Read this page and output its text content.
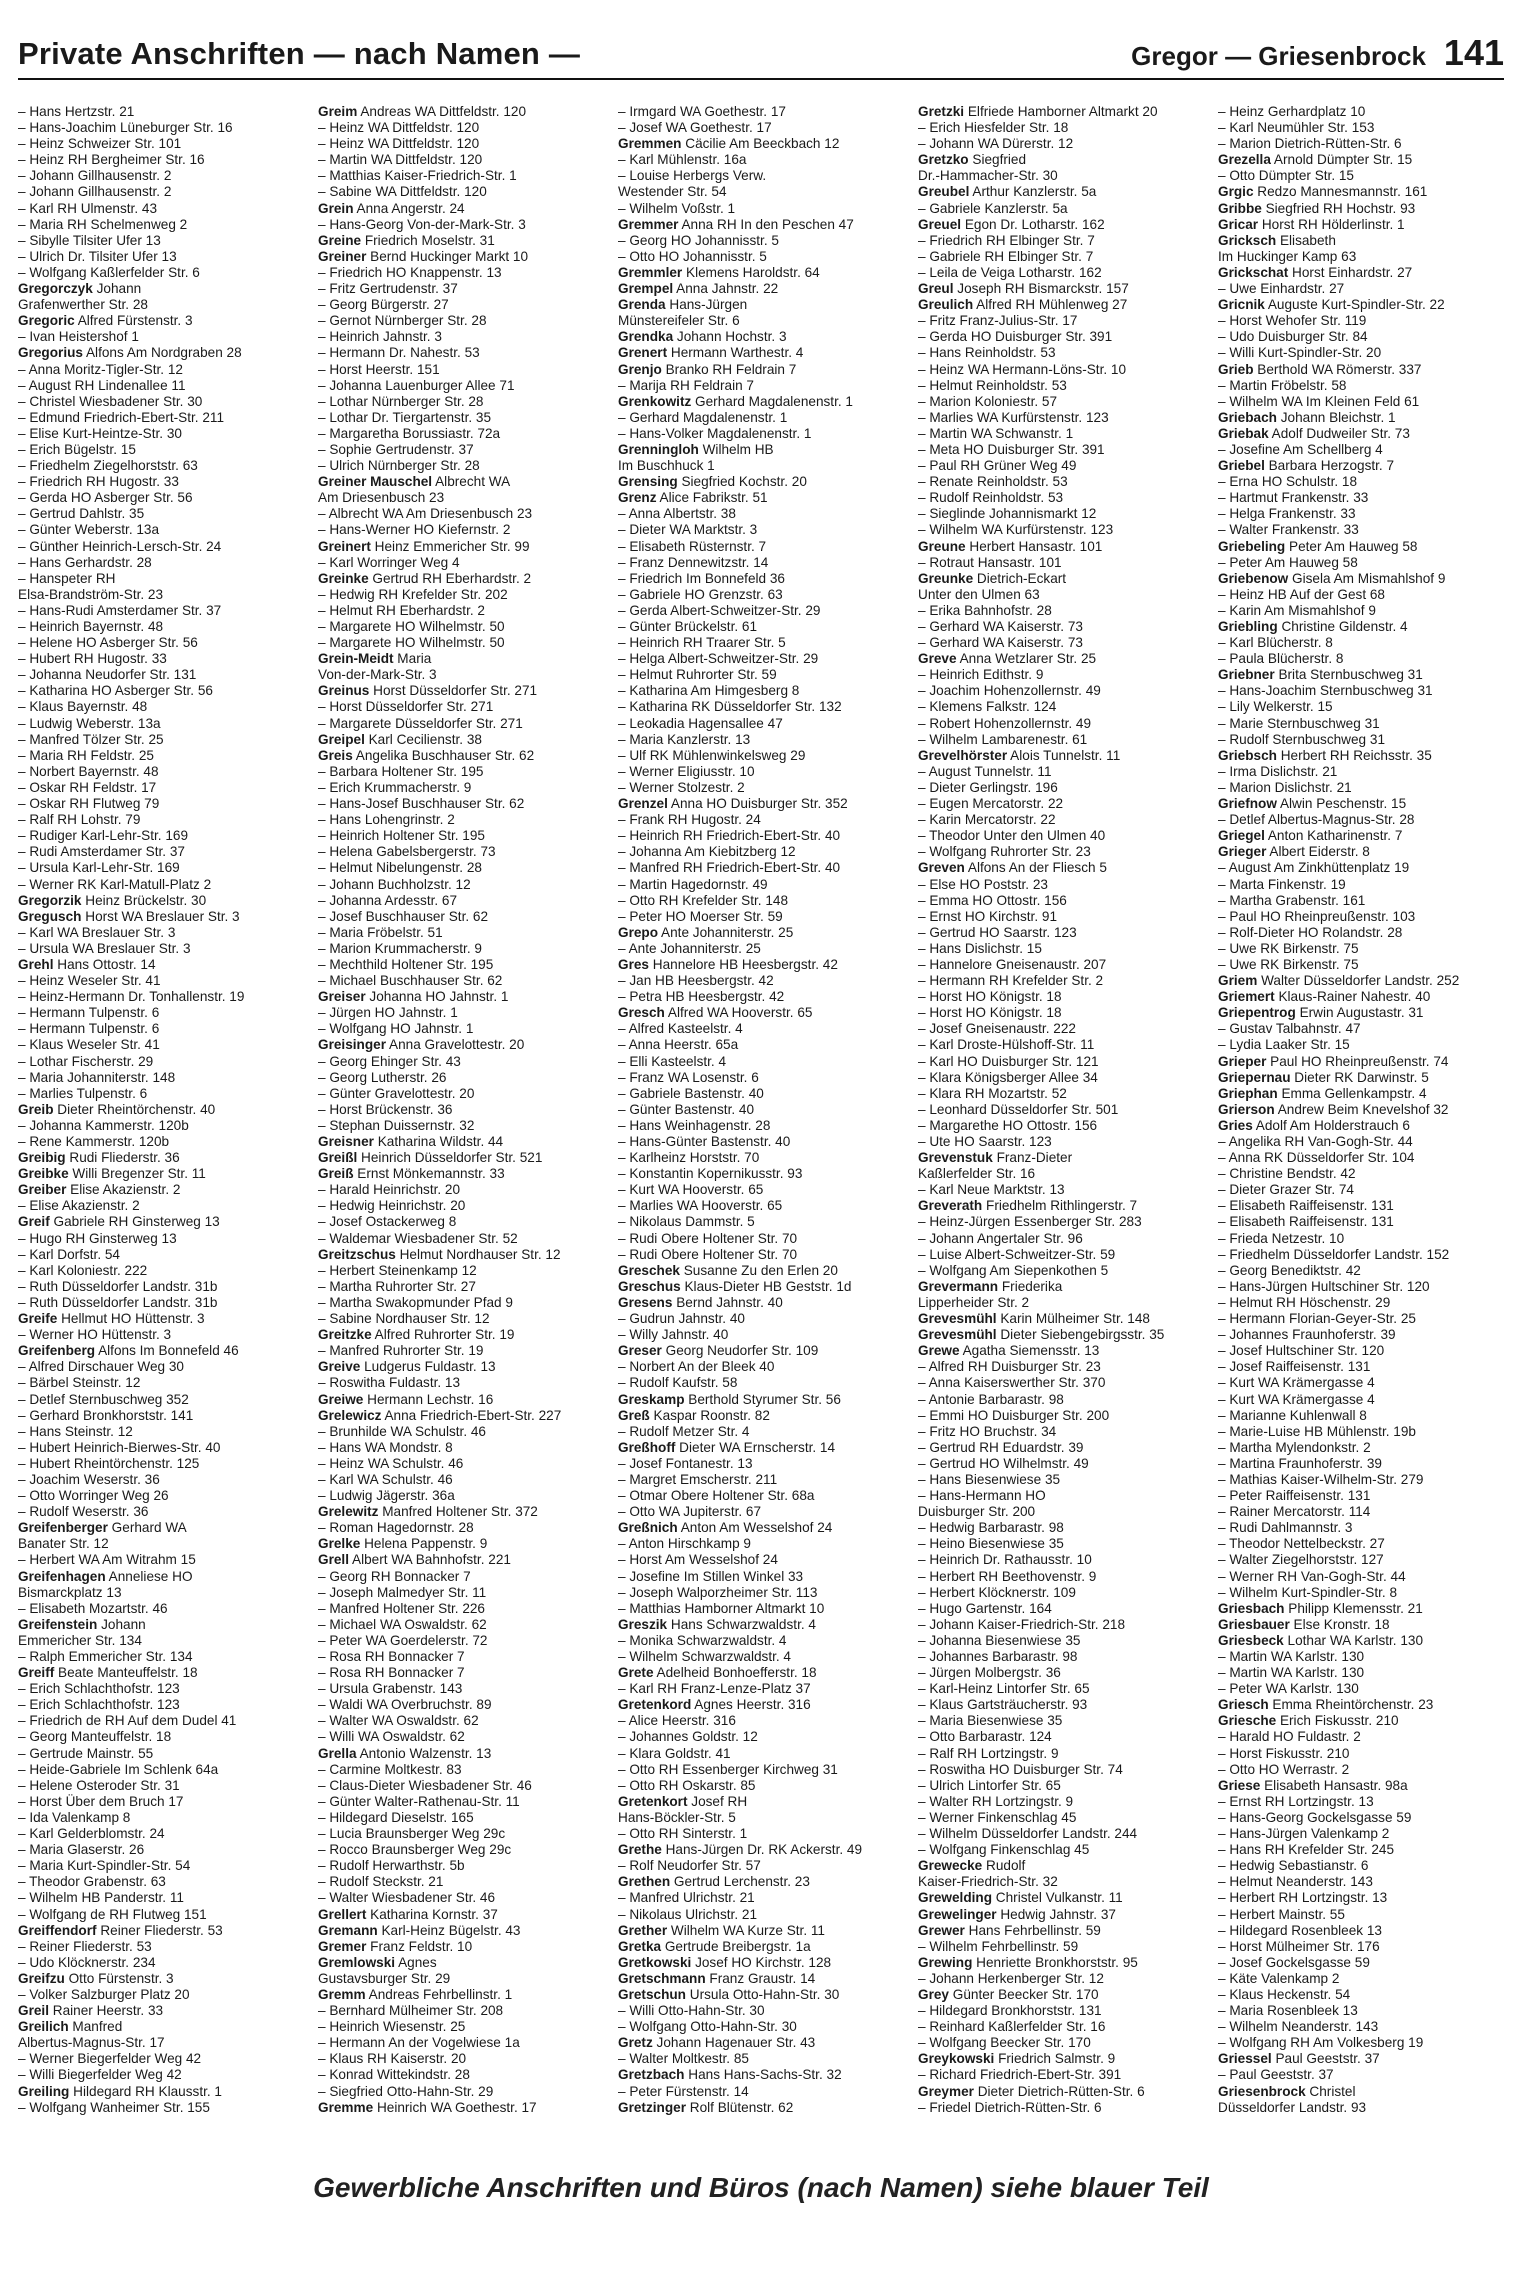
Private Anschriften — nach Namen —	Gregor — Griesenbrock 141
– Hans Hertzstr. 21
– Hans-Joachim Lüneburger Str. 16
– Heinz Schweizer Str. 101
– Heinz RH Bergheimer Str. 16
– Johann Gillhausenstr. 2
– Johann Gillhausenstr. 2
– Karl RH Ulmenstr. 43
– Maria RH Schelmenweg 2
– Sibylle Tilsiter Ufer 13
– Ulrich Dr. Tilsiter Ufer 13
– Wolfgang Kaßlerfelder Str. 6
Gregorczyk Johann
Grafenwerther Str. 28
Gregoric Alfred Fürstenstr. 3
– Ivan Heistershof 1
Gregorius Alfons Am Nordgraben 28
– Anna Moritz-Tigler-Str. 12
– August RH Lindenallee 11
– Christel Wiesbadener Str. 30
– Edmund Friedrich-Ebert-Str. 211
– Elise Kurt-Heintze-Str. 30
– Erich Bügelstr. 15
– Friedhelm Ziegelhorststr. 63
– Friedrich RH Hugostr. 33
– Gerda HO Asberger Str. 56
– Gertrud Dahlstr. 35
– Günter Weberstr. 13a
– Günther Heinrich-Lersch-Str. 24
– Hans Gerhardstr. 28
– Hanspeter RH
Elsa-Brandström-Str. 23
– Hans-Rudi Amsterdamer Str. 37
– Heinrich Bayernstr. 48
– Helene HO Asberger Str. 56
– Hubert RH Hugostr. 33
– Johanna Neudorfer Str. 131
– Katharina HO Asberger Str. 56
– Klaus Bayernstr. 48
– Ludwig Weberstr. 13a
– Manfred Tölzer Str. 25
– Maria RH Feldstr. 25
– Norbert Bayernstr. 48
– Oskar RH Feldstr. 17
– Oskar RH Flutweg 79
– Ralf RH Lohstr. 79
– Rudiger Karl-Lehr-Str. 169
– Rudi Amsterdamer Str. 37
– Ursula Karl-Lehr-Str. 169
– Werner RK Karl-Matull-Platz 2
Gregorzik Heinz Brückelstr. 30
Gregusch Horst WA Breslauer Str. 3
– Karl WA Breslauer Str. 3
– Ursula WA Breslauer Str. 3
Grehl Hans Ottostr. 14
– Heinz Weseler Str. 41
– Heinz-Hermann Dr. Tonhallenstr. 19
– Hermann Tulpenstr. 6
– Hermann Tulpenstr. 6
– Klaus Weseler Str. 41
– Lothar Fischerstr. 29
– Maria Johanniterstr. 148
– Marlies Tulpenstr. 6
Greib Dieter Rheintörchenstr. 40
– Johanna Kammerstr. 120b
– Rene Kammerstr. 120b
Greibig Rudi Fliederstr. 36
Greibke Willi Bregenzer Str. 11
Greiber Elise Akazienstr. 2
– Elise Akazienstr. 2
Greif Gabriele RH Ginsterweg 13
– Hugo RH Ginsterweg 13
– Karl Dorfstr. 54
– Karl Koloniestr. 222
– Ruth Düsseldorfer Landstr. 31b
– Ruth Düsseldorfer Landstr. 31b
Greife Hellmut HO Hüttenstr. 3
– Werner HO Hüttenstr. 3
Greifenberg Alfons Im Bonnefeld 46
– Alfred Dirschauer Weg 30
– Bärbel Steinstr. 12
– Detlef Sternbuschweg 352
– Gerhard Bronkhorststr. 141
– Hans Steinstr. 12
– Hubert Heinrich-Bierwes-Str. 40
– Hubert Rheintörchenstr. 125
– Joachim Weserstr. 36
– Otto Worringer Weg 26
– Rudolf Weserstr. 36
Greifenberger Gerhard WA
Banater Str. 12
– Herbert WA Am Witrahm 15
Greifenhagen Anneliese HO
Bismarckplatz 13
– Elisabeth Mozartstr. 46
Greifenstein Johann
Emmericher Str. 134
– Ralph Emmericher Str. 134
Greiff Beate Manteuffelstr. 18
– Erich Schlachthofstr. 123
– Erich Schlachthofstr. 123
– Friedrich de RH Auf dem Dudel 41
– Georg Manteuffelstr. 18
– Gertrude Mainstr. 55
– Heide-Gabriele Im Schlenk 64a
– Helene Osteroder Str. 31
– Horst Über dem Bruch 17
– Ida Valenkamp 8
– Karl Gelderblomstr. 24
– Maria Glaserstr. 26
– Maria Kurt-Spindler-Str. 54
– Theodor Grabenstr. 63
– Wilhelm HB Panderstr. 11
– Wolfgang de RH Flutweg 151
Greiffendorf Reiner Fliederstr. 53
– Reiner Fliederstr. 53
– Udo Klöcknerstr. 234
Greifzu Otto Fürstenstr. 3
– Volker Salzburger Platz 20
Greil Rainer Heerstr. 33
Greilich Manfred
Albertus-Magnus-Str. 17
– Werner Biegerfelder Weg 42
– Willi Biegerfelder Weg 42
Greiling Hildegard RH Klausstr. 1
– Wolfgang Wanheimer Str. 155
Greim Andreas WA Dittfeldstr. 120
– Heinz WA Dittfeldstr. 120
– Heinz WA Dittfeldstr. 120
– Martin WA Dittfeldstr. 120
– Matthias Kaiser-Friedrich-Str. 1
– Sabine WA Dittfeldstr. 120
Grein Anna Angerstr. 24
– Hans-Georg Von-der-Mark-Str. 3
Greine Friedrich Moselstr. 31
Greiner Bernd Huckinger Markt 10
– Friedrich HO Knappenstr. 13
– Fritz Gertrudenstr. 37
– Georg Bürgerstr. 27
– Gernot Nürnberger Str. 28
– Heinrich Jahnstr. 3
– Hermann Dr. Nahestr. 53
– Horst Heerstr. 151
– Johanna Lauenburger Allee 71
– Lothar Nürnberger Str. 28
– Lothar Dr. Tiergartenstr. 35
– Margaretha Borussiastr. 72a
– Sophie Gertrudenstr. 37
– Ulrich Nürnberger Str. 28
Greiner Mauschel Albrecht WA
Am Driesenbusch 23
– Albrecht WA Am Driesenbusch 23
– Hans-Werner HO Kiefernstr. 2
Greinert Heinz Emmericher Str. 99
– Karl Worringer Weg 4
Greinke Gertrud RH Eberhardstr. 2
– Hedwig RH Krefelder Str. 202
– Helmut RH Eberhardstr. 2
– Margarete HO Wilhelmstr. 50
– Margarete HO Wilhelmstr. 50
Grein-Meidt Maria
Von-der-Mark-Str. 3
Greinus Horst Düsseldorfer Str. 271
– Horst Düsseldorfer Str. 271
– Margarete Düsseldorfer Str. 271
Greipel Karl Cecilienstr. 38
Greis Angelika Buschhauser Str. 62
– Barbara Holtener Str. 195
– Erich Krummacherstr. 9
– Hans-Josef Buschhauser Str. 62
– Hans Lohengrinstr. 2
– Heinrich Holtener Str. 195
– Helena Gabelsbergerstr. 73
– Helmut Nibelungenstr. 28
– Johann Buchholzstr. 12
– Johanna Ardesstr. 67
– Josef Buschhauser Str. 62
– Maria Fröbelstr. 51
– Marion Krummacherstr. 9
– Mechthild Holtener Str. 195
– Michael Buschhauser Str. 62
Greiser Johanna HO Jahnstr. 1
– Jürgen HO Jahnstr. 1
– Wolfgang HO Jahnstr. 1
Greisinger Anna Gravelottestr. 20
– Georg Ehinger Str. 43
– Georg Lutherstr. 26
– Günter Gravelottestr. 20
– Horst Brückenstr. 36
– Stephan Duissernstr. 32
Greisner Katharina Wildstr. 44
Greißl Heinrich Düsseldorfer Str. 521
Greiß Ernst Mönkemannstr. 33
– Harald Heinrichstr. 20
– Hedwig Heinrichstr. 20
– Josef Ostackerweg 8
– Waldemar Wiesbadener Str. 52
Greitzschus Helmut Nordhauser Str. 12
– Herbert Steinenkamp 12
– Martha Ruhrorter Str. 27
– Martha Swakopmunder Pfad 9
– Sabine Nordhauser Str. 12
Greitzke Alfred Ruhrorter Str. 19
– Manfred Ruhrorter Str. 19
Greive Ludgerus Fuldastr. 13
– Roswitha Fuldastr. 13
Greiwe Hermann Lechstr. 16
Grelewicz Anna Friedrich-Ebert-Str. 227
– Brunhilde WA Schulstr. 46
– Hans WA Mondstr. 8
– Heinz WA Schulstr. 46
– Karl WA Schulstr. 46
– Ludwig Jägerstr. 36a
Grelewitz Manfred Holtener Str. 372
– Roman Hagedornstr. 28
Grelke Helena Pappenstr. 9
Grell Albert WA Bahnhofstr. 221
– Georg RH Bonnacker 7
– Joseph Malmedyer Str. 11
– Manfred Holtener Str. 226
– Michael WA Oswaldstr. 62
– Peter WA Goerdelerstr. 72
– Rosa RH Bonnacker 7
– Rosa RH Bonnacker 7
– Ursula Grabenstr. 143
– Waldi WA Overbruchstr. 89
– Walter WA Oswaldstr. 62
– Willi WA Oswaldstr. 62
Grella Antonio Walzenstr. 13
– Carmine Moltkestr. 83
– Claus-Dieter Wiesbadener Str. 46
– Günter Walter-Rathenau-Str. 11
– Hildegard Dieselstr. 165
– Lucia Braunsberger Weg 29c
– Rocco Braunsberger Weg 29c
– Rudolf Herwarthstr. 5b
– Rudolf Steckstr. 21
– Walter Wiesbadener Str. 46
Grellert Katharina Kornstr. 37
Gremann Karl-Heinz Bügelstr. 43
Gremer Franz Feldstr. 10
Gremlowski Agnes
Gustavsburger Str. 29
Gremm Andreas Fehrbellinstr. 1
– Bernhard Mülheimer Str. 208
– Heinrich Wiesenstr. 25
– Hermann An der Vogelwiese 1a
– Klaus RH Kaiserstr. 20
– Konrad Wittekindstr. 28
– Siegfried Otto-Hahn-Str. 29
Gremme Heinrich WA Goethestr. 17
– Irmgard WA Goethestr. 17
– Josef WA Goethestr. 17
Gremmen Cäcilie Am Beeckbach 12
– Karl Mühlenstr. 16a
– Louise Herbergs Verw.
Westender Str. 54
– Wilhelm Voßstr. 1
Gremmer Anna RH In den Peschen 47
– Georg HO Johannisstr. 5
– Otto HO Johannisstr. 5
Gremmler Klemens Haroldstr. 64
Grempel Anna Jahnstr. 22
Grenda Hans-Jürgen
Münstereifeler Str. 6
Grendka Johann Hochstr. 3
Grenert Hermann Warthestr. 4
Grenjo Branko RH Feldrain 7
– Marija RH Feldrain 7
Grenkowitz Gerhard Magdalenenstr. 1
– Gerhard Magdalenenstr. 1
– Hans-Volker Magdalenenstr. 1
Grenningloh Wilhelm HB
Im Buschhuck 1
Grensing Siegfried Kochstr. 20
Grenz Alice Fabrikstr. 51
– Anna Albertstr. 38
– Dieter WA Marktstr. 3
– Elisabeth Rüsternstr. 7
– Franz Dennewitzstr. 14
– Friedrich Im Bonnefeld 36
– Gabriele HO Grenzstr. 63
– Gerda Albert-Schweitzer-Str. 29
– Günter Brückelstr. 61
– Heinrich RH Traarer Str. 5
– Helga Albert-Schweitzer-Str. 29
– Helmut Ruhrorter Str. 59
– Katharina Am Himgesberg 8
– Katharina RK Düsseldorfer Str. 132
– Leokadia Hagensallee 47
– Maria Kanzlerstr. 13
– Ulf RK Mühlenwinkelsweg 29
– Werner Eligiusstr. 10
– Werner Stolzestr. 2
Grenzel Anna HO Duisburger Str. 352
– Frank RH Hugostr. 24
– Heinrich RH Friedrich-Ebert-Str. 40
– Johanna Am Kiebitzberg 12
– Manfred RH Friedrich-Ebert-Str. 40
– Martin Hagedornstr. 49
– Otto RH Krefelder Str. 148
– Peter HO Moerser Str. 59
Grepo Ante Johanniterstr. 25
– Ante Johanniterstr. 25
Gres Hannelore HB Heesbergstr. 42
– Jan HB Heesbergstr. 42
– Petra HB Heesbergstr. 42
Gresch Alfred WA Hooverstr. 65
– Alfred Kasteelstr. 4
– Anna Heerstr. 65a
– Elli Kasteelstr. 4
– Franz WA Losenstr. 6
– Gabriele Bastenstr. 40
– Günter Bastenstr. 40
– Hans Weinhagenstr. 28
– Hans-Günter Bastenstr. 40
– Karlheinz Horststr. 70
– Konstantin Kopernikusstr. 93
– Kurt WA Hooverstr. 65
– Marlies WA Hooverstr. 65
– Nikolaus Dammstr. 5
– Rudi Obere Holtener Str. 70
– Rudi Obere Holtener Str. 70
Greschek Susanne Zu den Erlen 20
Greschus Klaus-Dieter HB Geststr. 1d
Gresens Bernd Jahnstr. 40
– Gudrun Jahnstr. 40
– Willy Jahnstr. 40
Greser Georg Neudorfer Str. 109
– Norbert An der Bleek 40
– Rudolf Kaufstr. 58
Greskamp Berthold Styrumer Str. 56
Greß Kaspar Roonstr. 82
– Rudolf Metzer Str. 4
Greßhoff Dieter WA Ernscherstr. 14
– Josef Fontanestr. 13
– Margret Emscherstr. 211
– Otmar Obere Holtener Str. 68a
– Otto WA Jupiterstr. 67
Greßnich Anton Am Wesselshof 24
– Anton Hirschkamp 9
– Horst Am Wesselshof 24
– Josefine Im Stillen Winkel 33
– Joseph Walporzheimer Str. 113
– Matthias Hamborner Altmarkt 10
Greszik Hans Schwarzwaldstr. 4
– Monika Schwarzwaldstr. 4
– Wilhelm Schwarzwaldstr. 4
Grete Adelheid Bonhoefferstr. 18
– Karl RH Franz-Lenze-Platz 37
Gretenkord Agnes Heerstr. 316
– Alice Heerstr. 316
– Johannes Goldstr. 12
– Klara Goldstr. 41
– Otto RH Essenberger Kirchweg 31
– Otto RH Oskarstr. 85
Gretenkort Josef RH
Hans-Böckler-Str. 5
– Otto RH Sinterstr. 1
Grethe Hans-Jürgen Dr. RK Ackerstr. 49
– Rolf Neudorfer Str. 57
Grethen Gertrud Lerchenstr. 23
– Manfred Ulrichstr. 21
– Nikolaus Ulrichstr. 21
Grether Wilhelm WA Kurze Str. 11
Gretka Gertrude Breibergstr. 1a
Gretkowski Josef HO Kirchstr. 128
Gretschmann Franz Graustr. 14
Gretschun Ursula Otto-Hahn-Str. 30
– Willi Otto-Hahn-Str. 30
– Wolfgang Otto-Hahn-Str. 30
Gretz Johann Hagenauer Str. 43
– Walter Moltkestr. 85
Gretzbach Hans Hans-Sachs-Str. 32
– Peter Fürstenstr. 14
Gretzinger Rolf Blütenstr. 62
Gretzki Elfriede Hamborner Altmarkt 20
– Erich Hiesfelder Str. 18
– Johann WA Dürerstr. 12
Gretzko Siegfried
Dr.-Hammacher-Str. 30
Greubel Arthur Kanzlerstr. 5a
– Gabriele Kanzlerstr. 5a
Greuel Egon Dr. Lotharstr. 162
– Friedrich RH Elbinger Str. 7
– Gabriele RH Elbinger Str. 7
– Leila de Veiga Lotharstr. 162
Greul Joseph RH Bismarckstr. 157
Greulich Alfred RH Mühlenweg 27
– Fritz Franz-Julius-Str. 17
– Gerda HO Duisburger Str. 391
– Hans Reinholdstr. 53
– Heinz WA Hermann-Löns-Str. 10
– Helmut Reinholdstr. 53
– Marion Koloniestr. 57
– Marlies WA Kurfürstenstr. 123
– Martin WA Schwanstr. 1
– Meta HO Duisburger Str. 391
– Paul RH Grüner Weg 49
– Renate Reinholdstr. 53
– Rudolf Reinholdstr. 53
– Sieglinde Johannismarkt 12
– Wilhelm WA Kurfürstenstr. 123
Greune Herbert Hansastr. 101
– Rotraut Hansastr. 101
Greunke Dietrich-Eckart
Unter den Ulmen 63
– Erika Bahnhofstr. 28
– Gerhard WA Kaiserstr. 73
– Gerhard WA Kaiserstr. 73
Greve Anna Wetzlarer Str. 25
– Heinrich Edithstr. 9
– Joachim Hohenzollernstr. 49
– Klemens Falkstr. 124
– Robert Hohenzollernstr. 49
– Wilhelm Lambarenestr. 61
Grevelhörster Alois Tunnelstr. 11
– August Tunnelstr. 11
– Dieter Gerlingstr. 196
– Eugen Mercatorstr. 22
– Karin Mercatorstr. 22
– Theodor Unter den Ulmen 40
– Wolfgang Ruhrorter Str. 23
Greven Alfons An der Fliesch 5
– Else HO Poststr. 23
– Emma HO Ottostr. 156
– Ernst HO Kirchstr. 91
– Gertrud HO Saarstr. 123
– Hans Dislichstr. 15
– Hannelore Gneisenaustr. 207
– Hermann RH Krefelder Str. 2
– Horst HO Königstr. 18
– Horst HO Königstr. 18
– Josef Gneisenaustr. 222
– Karl Droste-Hülshoff-Str. 11
– Karl HO Duisburger Str. 121
– Klara Königsberger Allee 34
– Klara RH Mozartstr. 52
– Leonhard Düsseldorfer Str. 501
– Margarethe HO Ottostr. 156
– Ute HO Saarstr. 123
Grevenstuk Franz-Dieter
Kaßlerfelder Str. 16
– Karl Neue Marktstr. 13
Greverath Friedhelm Rithlingerstr. 7
– Heinz-Jürgen Essenberger Str. 283
– Johann Angertaler Str. 96
– Luise Albert-Schweitzer-Str. 59
– Wolfgang Am Siepenkothen 5
Grevermann Friederika
Lipperheider Str. 2
Grevesmühl Karin Mülheimer Str. 148
Grevesmühl Dieter Siebengebirgsstr. 35
Grewe Agatha Siemensstr. 13
– Alfred RH Duisburger Str. 23
– Anna Kaiserswerther Str. 370
– Antonie Barbarastr. 98
– Emmi HO Duisburger Str. 200
– Fritz HO Bruchstr. 34
– Gertrud RH Eduardstr. 39
– Gertrud HO Wilhelmstr. 49
– Hans Biesenwiese 35
– Hans-Hermann HO
Duisburger Str. 200
– Hedwig Barbarastr. 98
– Heino Biesenwiese 35
– Heinrich Dr. Rathausstr. 10
– Herbert RH Beethovenstr. 9
– Herbert Klöcknerstr. 109
– Hugo Gartenstr. 164
– Johann Kaiser-Friedrich-Str. 218
– Johanna Biesenwiese 35
– Johannes Barbarastr. 98
– Jürgen Molbergstr. 36
– Karl-Heinz Lintorfer Str. 65
– Klaus Gartsträucherstr. 93
– Maria Biesenwiese 35
– Otto Barbarastr. 124
– Ralf RH Lortzingstr. 9
– Roswitha HO Duisburger Str. 74
– Ulrich Lintorfer Str. 65
– Walter RH Lortzingstr. 9
– Werner Finkenschlag 45
– Wilhelm Düsseldorfer Landstr. 244
– Wolfgang Finkenschlag 45
Grewecke Rudolf
Kaiser-Friedrich-Str. 32
Grewelding Christel Vulkanstr. 11
Grewelinger Hedwig Jahnstr. 37
Grewer Hans Fehrbellinstr. 59
– Wilhelm Fehrbellinstr. 59
Grewing Henriette Bronkhorststr. 95
– Johann Herkenberger Str. 12
Grey Günter Beecker Str. 170
– Hildegard Bronkhorststr. 131
– Reinhard Kaßlerfelder Str. 16
– Wolfgang Beecker Str. 170
Greykowski Friedrich Salmstr. 9
– Richard Friedrich-Ebert-Str. 391
Greymer Dieter Dietrich-Rütten-Str. 6
– Friedel Dietrich-Rütten-Str. 6
– Heinz Gerhardplatz 10
– Karl Neumühler Str. 153
– Marion Dietrich-Rütten-Str. 6
Grezella Arnold Dümpter Str. 15
– Otto Dümpter Str. 15
Grgic Redzo Mannesmannstr. 161
Gribbe Siegfried RH Hochstr. 93
Gricar Horst RH Hölderlinstr. 1
Gricksch Elisabeth
Im Huckinger Kamp 63
Grickschat Horst Einhardstr. 27
– Uwe Einhardstr. 27
Gricnik Auguste Kurt-Spindler-Str. 22
– Horst Wehofer Str. 119
– Udo Duisburger Str. 84
– Willi Kurt-Spindler-Str. 20
Grieb Berthold WA Römerstr. 337
– Martin Fröbelstr. 58
– Wilhelm WA Im Kleinen Feld 61
Griebach Johann Bleichstr. 1
Griebak Adolf Dudweiler Str. 73
– Josefine Am Schellberg 4
Griebel Barbara Herzogstr. 7
– Erna HO Schulstr. 18
– Hartmut Frankenstr. 33
– Helga Frankenstr. 33
– Walter Frankenstr. 33
Griebeling Peter Am Hauweg 58
– Peter Am Hauweg 58
Griebenow Gisela Am Mismahlshof 9
– Heinz HB Auf der Gest 68
– Karin Am Mismahlshof 9
Griebling Christine Gildenstr. 4
– Karl Blücherstr. 8
– Paula Blücherstr. 8
Griebner Brita Sternbuschweg 31
– Hans-Joachim Sternbuschweg 31
– Lily Welkerstr. 15
– Marie Sternbuschweg 31
– Rudolf Sternbuschweg 31
Griebsch Herbert RH Reichsstr. 35
– Irma Dislichstr. 21
– Marion Dislichstr. 21
Griefnow Alwin Peschenstr. 15
– Detlef Albertus-Magnus-Str. 28
Griegel Anton Katharinenstr. 7
Grieger Albert Eiderstr. 8
– August Am Zinkhüttenplatz 19
– Marta Finkenstr. 19
– Martha Grabenstr. 161
– Paul HO Rheinpreußenstr. 103
– Rolf-Dieter HO Rolandstr. 28
– Uwe RK Birkenstr. 75
– Uwe RK Birkenstr. 75
Griem Walter Düsseldorfer Landstr. 252
Griemert Klaus-Rainer Nahestr. 40
Griepentrog Erwin Augustastr. 31
– Gustav Talbahnstr. 47
– Lydia Laaker Str. 15
Grieper Paul HO Rheinpreußenstr. 74
Griepernau Dieter RK Darwinstr. 5
Griephan Emma Gellenkampstr. 4
Grierson Andrew Beim Knevelshof 32
Gries Adolf Am Holderstrauch 6
– Angelika RH Van-Gogh-Str. 44
– Anna RK Düsseldorfer Str. 104
– Christine Bendstr. 42
– Dieter Grazer Str. 74
– Elisabeth Raiffeisenstr. 131
– Elisabeth Raiffeisenstr. 131
– Frieda Netzestr. 10
– Friedhelm Düsseldorfer Landstr. 152
– Georg Benediktstr. 42
– Hans-Jürgen Hultschiner Str. 120
– Helmut RH Höschenstr. 29
– Hermann Florian-Geyer-Str. 25
– Johannes Fraunhoferstr. 39
– Josef Hultschiner Str. 120
– Josef Raiffeisenstr. 131
– Kurt WA Krämergasse 4
– Kurt WA Krämergasse 4
– Marianne Kuhlenwall 8
– Marie-Luise HB Mühlenstr. 19b
– Martha Mylendonkstr. 2
– Martina Fraunhoferstr. 39
– Mathias Kaiser-Wilhelm-Str. 279
– Peter Raiffeisenstr. 131
– Rainer Mercatorstr. 114
– Rudi Dahlmannstr. 3
– Theodor Nettelbeckstr. 27
– Walter Ziegelhorststr. 127
– Werner RH Van-Gogh-Str. 44
– Wilhelm Kurt-Spindler-Str. 8
Griesbach Philipp Klemensstr. 21
Griesbauer Else Kronstr. 18
Griesbeck Lothar WA Karlstr. 130
– Martin WA Karlstr. 130
– Martin WA Karlstr. 130
– Peter WA Karlstr. 130
Griesch Emma Rheintörchenstr. 23
Griesche Erich Fiskusstr. 210
– Harald HO Fuldastr. 2
– Horst Fiskusstr. 210
– Otto HO Werrastr. 2
Griese Elisabeth Hansastr. 98a
– Ernst RH Lortzingstr. 13
– Hans-Georg Gockelsgasse 59
– Hans-Jürgen Valenkamp 2
– Hans RH Krefelder Str. 245
– Hedwig Sebastianstr. 6
– Helmut Neanderstr. 143
– Herbert RH Lortzingstr. 13
– Herbert Mainstr. 55
– Hildegard Rosenbleek 13
– Horst Mülheimer Str. 176
– Josef Gockelsgasse 59
– Käte Valenkamp 2
– Klaus Heckenstr. 54
– Maria Rosenbleek 13
– Wilhelm Neanderstr. 143
– Wolfgang RH Am Volkesberg 19
Griessel Paul Geeststr. 37
– Paul Geeststr. 37
Griesenbrock Christel
Düsseldorfer Landstr. 93
Gewerbliche Anschriften und Büros (nach Namen) siehe blauer Teil
